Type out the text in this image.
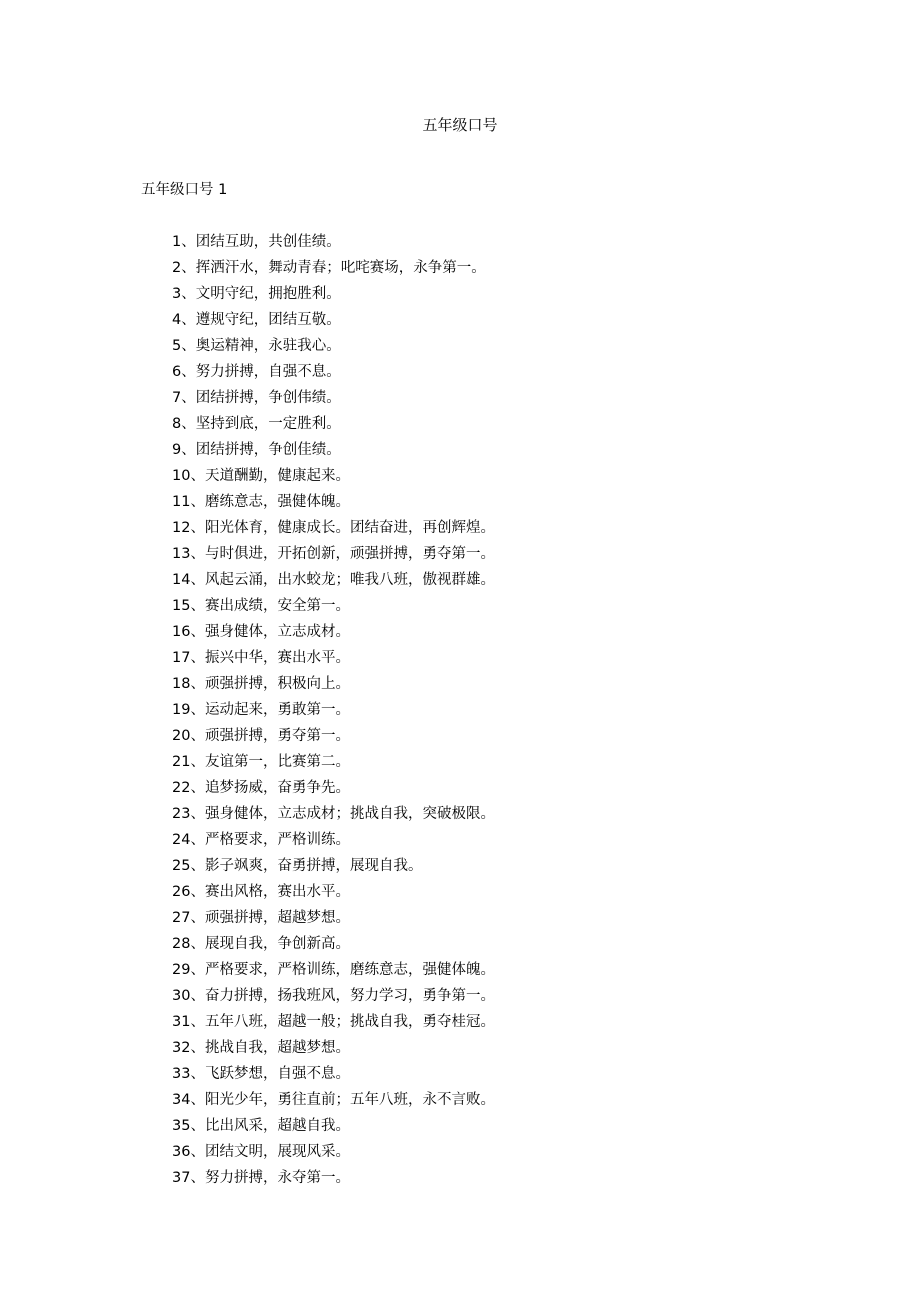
五年级口号
五年级口号 1
1、团结互助，共创佳绩。
2、挥洒汗水，舞动青春；叱咤赛场，永争第一。
3、文明守纪，拥抱胜利。
4、遵规守纪，团结互敬。
5、奥运精神，永驻我心。
6、努力拼搏，自强不息。
7、团结拼搏，争创伟绩。
8、坚持到底，一定胜利。
9、团结拼搏，争创佳绩。
10、天道酬勤，健康起来。
11、磨练意志，强健体魄。
12、阳光体育，健康成长。团结奋进，再创辉煌。
13、与时俱进，开拓创新，顽强拼搏，勇夺第一。
14、风起云涌，出水蛟龙；唯我八班，傲视群雄。
15、赛出成绩，安全第一。
16、强身健体，立志成材。
17、振兴中华，赛出水平。
18、顽强拼搏，积极向上。
19、运动起来，勇敢第一。
20、顽强拼搏，勇夺第一。
21、友谊第一，比赛第二。
22、追梦扬威，奋勇争先。
23、强身健体，立志成材；挑战自我，突破极限。
24、严格要求，严格训练。
25、影子飒爽，奋勇拼搏，展现自我。
26、赛出风格，赛出水平。
27、顽强拼搏，超越梦想。
28、展现自我，争创新高。
29、严格要求，严格训练，磨练意志，强健体魄。
30、奋力拼搏，扬我班风，努力学习，勇争第一。
31、五年八班，超越一般；挑战自我，勇夺桂冠。
32、挑战自我，超越梦想。
33、飞跃梦想，自强不息。
34、阳光少年，勇往直前；五年八班，永不言败。
35、比出风采，超越自我。
36、团结文明，展现风采。
37、努力拼搏，永夺第一。
